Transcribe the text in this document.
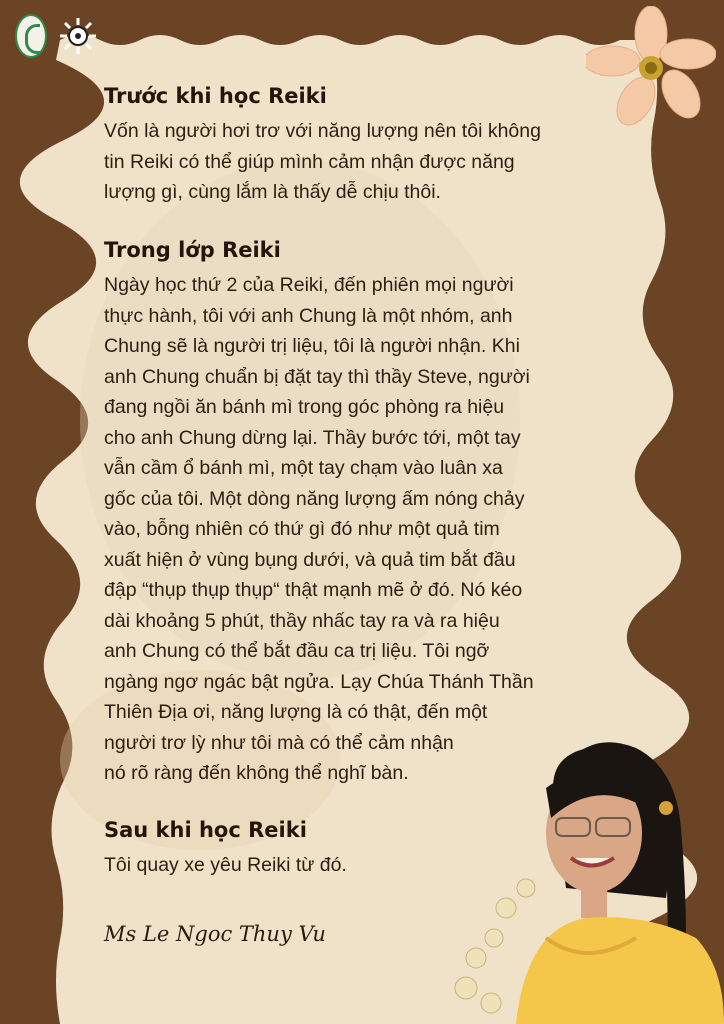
Trước khi học Reiki

Vốn là người hơi trơ với năng lượng nên tôi không
tin Reiki có thể giúp mình cảm nhận được năng
lượng gì, cùng lắm là thấy dễ chịu thôi.

Trong lớp Reiki

Ngày học thứ 2 của Reiki, đến phiên mọi người
thực hành, tôi với anh Chung là một nhóm, anh
Chung sẽ là người trị liệu, tôi là người nhận. Khi
anh Chung chuẩn bị đặt tay thì thầy Steve, người
đang ngồi ăn bánh mì trong góc phòng ra hiệu
cho anh Chung dừng lại. Thầy bước tới, một tay
vẫn cầm ổ bánh mì, một tay chạm vào luân xa
gốc của tôi. Một dòng năng lượng ấm nóng chảy
vào, bỗng nhiên có thứ gì đó như một quả tim
xuất hiện ở vùng bụng dưới, và quả tim bắt đầu
đập “thụp thụp thụp“ thật mạnh mẽ ở đó. Nó kéo
dài khoảng 5 phút, thầy nhấc tay ra và ra hiệu
anh Chung có thể bắt đầu ca trị liệu. Tôi ngỡ
ngàng ngơ ngác bật ngửa. Lạy Chúa Thánh Thần
Thiên Địa ơi, năng lượng là có thật, đến một
người trơ lỳ như tôi mà có thể cảm nhận
nó rõ ràng đến không thể nghĩ bàn.

Sau khi học Reiki

Tôi quay xe yêu Reiki từ đó.

Ms Le Ngoc Thuy Vu
